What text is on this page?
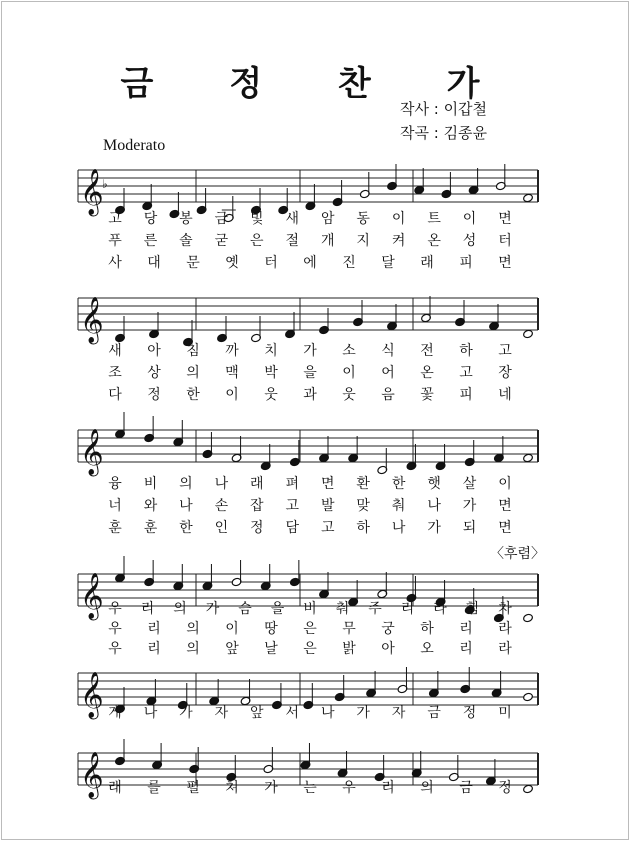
금 정 찬 가
작사 : 이갑철
작곡 : 김종윤
Moderato
〈후렴〉
𝄞
♭
𝄞
𝄞
𝄞
𝄞
𝄞
고 당 봉 금 빛 새 암 동 이 트 이 면
푸 른 솔 굳 은 절 개 지 켜 온 성 터
사 대 문 옛 터 에 진 달 래 피 면
새 아 침 까 치 가 소 식 전 하 고
조 상 의 맥 박 을 이 어 온 고 장
다 정 한 이 웃 과 웃 음 꽃 피 네
융 비 의 나 래 펴 면 환 한 햇 살 이
너 와 나 손 잡 고 발 맞 춰 나 가 면
훈 훈 한 인 정 담 고 하 나 가 되 면
우 리 의 가 슴 을 비 춰 주 리 라 힘 차
우 리 의 이 땅 은 무 궁 하 리 라
우 리 의 앞 날 은 밝 아 오 리 라
게 나 가 자 앞 서 나 가 자 금 정 미
래 를 펼 쳐 가 는 우 리 의 금 정
